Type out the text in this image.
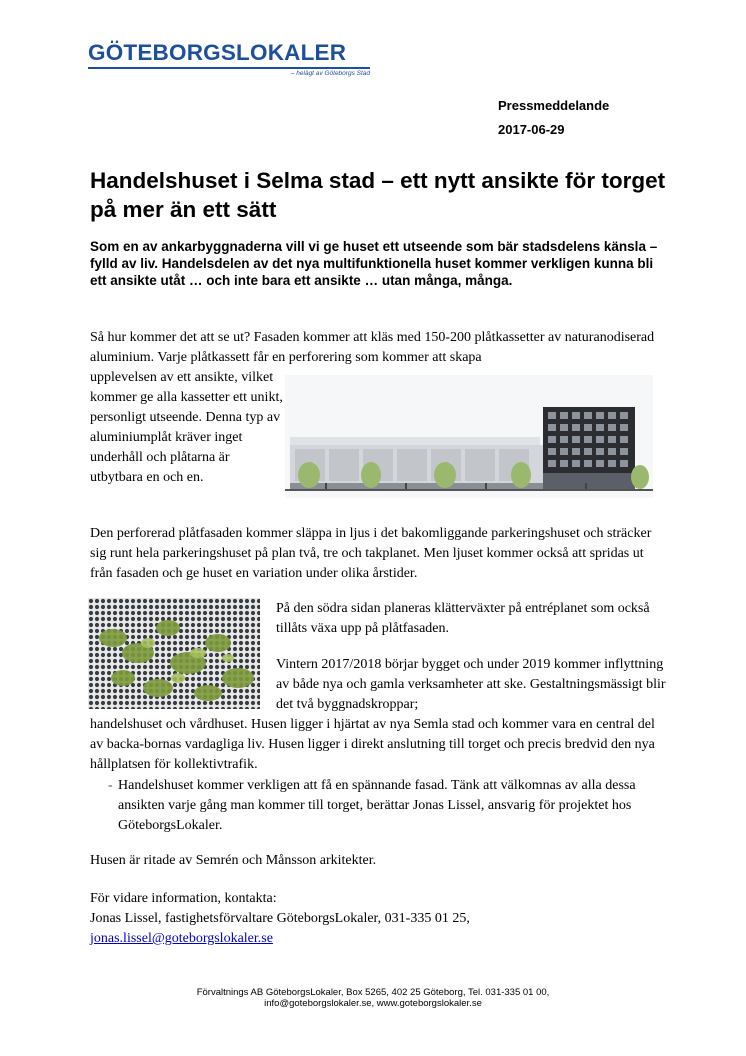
GÖTEBORGSLOKALER
– helägt av Göteborgs Stad
Pressmeddelande
2017-06-29
Handelshuset i Selma stad – ett nytt ansikte för torget på mer än ett sätt

Som en av ankarbyggnaderna vill vi ge huset ett utseende som bär stadsdelens känsla – fylld av liv. Handelsdelen av det nya multifunktionella huset kommer verkligen kunna bli ett ansikte utåt … och inte bara ett ansikte … utan många, många.

Så hur kommer det att se ut? Fasaden kommer att kläs med 150-200 plåtkassetter av naturanodiserad aluminium. Varje plåtkassett får en perforering som kommer att skapa

upplevelsen av ett ansikte, vilket kommer ge alla kassetter ett unikt, personligt utseende. Denna typ av aluminiumplåt kräver inget underhåll och plåtarna är utbytbara en och en.

Den perforerad plåtfasaden kommer släppa in ljus i det bakomliggande parkeringshuset och sträcker sig runt hela parkeringshuset på plan två, tre och takplanet. Men ljuset kommer också att spridas ut från fasaden och ge huset en variation under olika årstider.

På den södra sidan planeras klätterväxter på entréplanet som också tillåts växa upp på plåtfasaden.

Vintern 2017/2018 börjar bygget och under 2019 kommer inflyttning av både nya och gamla verksamheter att ske. Gestaltningsmässigt blir det två byggnadskroppar;

handelshuset och vårdhuset. Husen ligger i hjärtat av nya Semla stad och kommer vara en central del av backa-bornas vardagliga liv. Husen ligger i direkt anslutning till torget och precis bredvid den nya hållplatsen för kollektivtrafik.

- Handelshuset kommer verkligen att få en spännande fasad. Tänk att välkomnas av alla dessa ansikten varje gång man kommer till torget, berättar Jonas Lissel, ansvarig för projektet hos GöteborgsLokaler.

Husen är ritade av Semrén och Månsson arkitekter.

För vidare information, kontakta:
Jonas Lissel, fastighetsförvaltare GöteborgsLokaler, 031-335 01 25,
jonas.lissel@goteborgslokaler.se
Förvaltnings AB GöteborgsLokaler, Box 5265, 402 25 Göteborg, Tel. 031-335 01 00,
info@goteborgslokaler.se, www.goteborgslokaler.se
